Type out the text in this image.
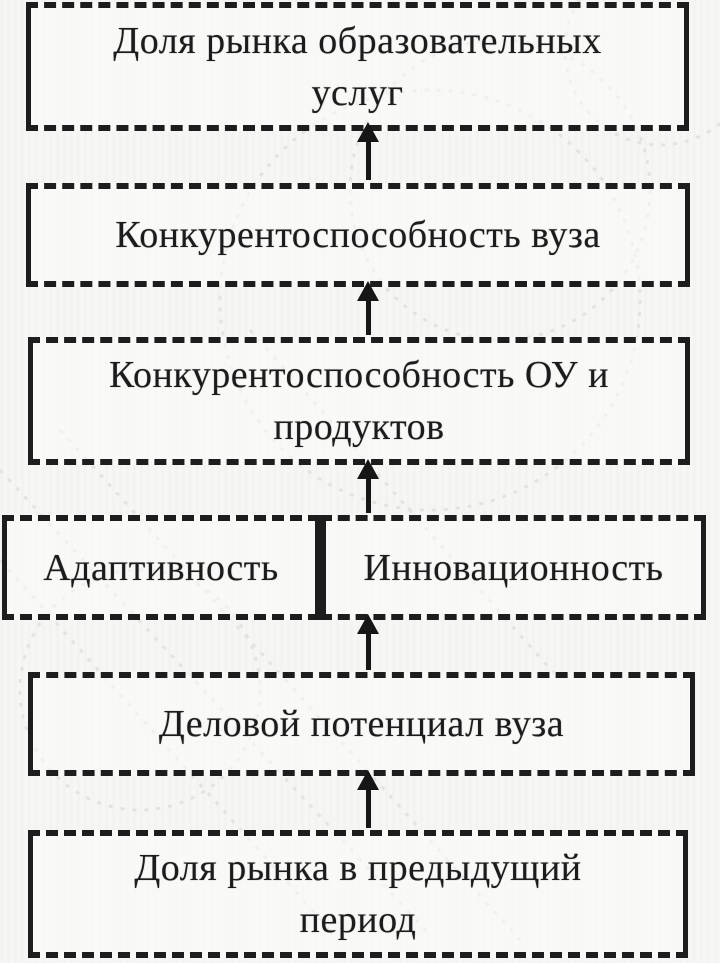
Доля рынка образовательных
услуг
Конкурентоспособность вуза
Конкурентоспособность ОУ и
продуктов
Адаптивность Инновационность
Деловой потенциал вуза
Доля рынка в предыдущий
период
